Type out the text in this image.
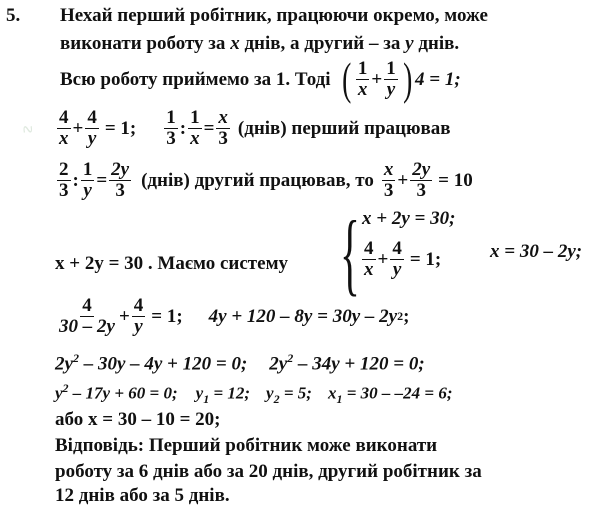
∿
5. Нехай перший робітник, працюючи окремо, може
виконати роботу за x днів, а другий – за y днів.
Всю роботу приймемо за 1. Тоді ( $\frac{1}{x} + \frac{1}{y}$ ) 4 = 1;
$\frac{4}{x} + \frac{4}{y} = 1$; $\frac{1}{3}$ : $\frac{1}{x} = \frac{x}{3}$ (днів) перший працював
$\frac{2}{3}$ : $\frac{1}{y} = \frac{2y}{3}$ (днів) другий працював, то $\frac{x}{3} + \frac{2y}{3} = 10$
x + 2y = 30 . Маємо систему { x + 2y = 30;
$\frac{4}{x} + \frac{4}{y} = 1$;	x = 30 – 2y;
$\frac{4}{30 - 2y} + \frac{4}{y} = 1$; 4y + 120 – 8y = 30y – 2y 2 ;
$2y^2 - 30y - 4y + 120 = 0$; $2y^2 - 34y + 120 = 0$;
$y^2 - 17y + 60 = 0$; $y_1 = 12$; $y_2 = 5$; $x_1 = 30 - -24 = 6$;
або x = 30 – 10 = 20;
Відповідь: Перший робітник може виконати
роботу за 6 днів або за 20 днів, другий робітник за
12 днів або за 5 днів.
